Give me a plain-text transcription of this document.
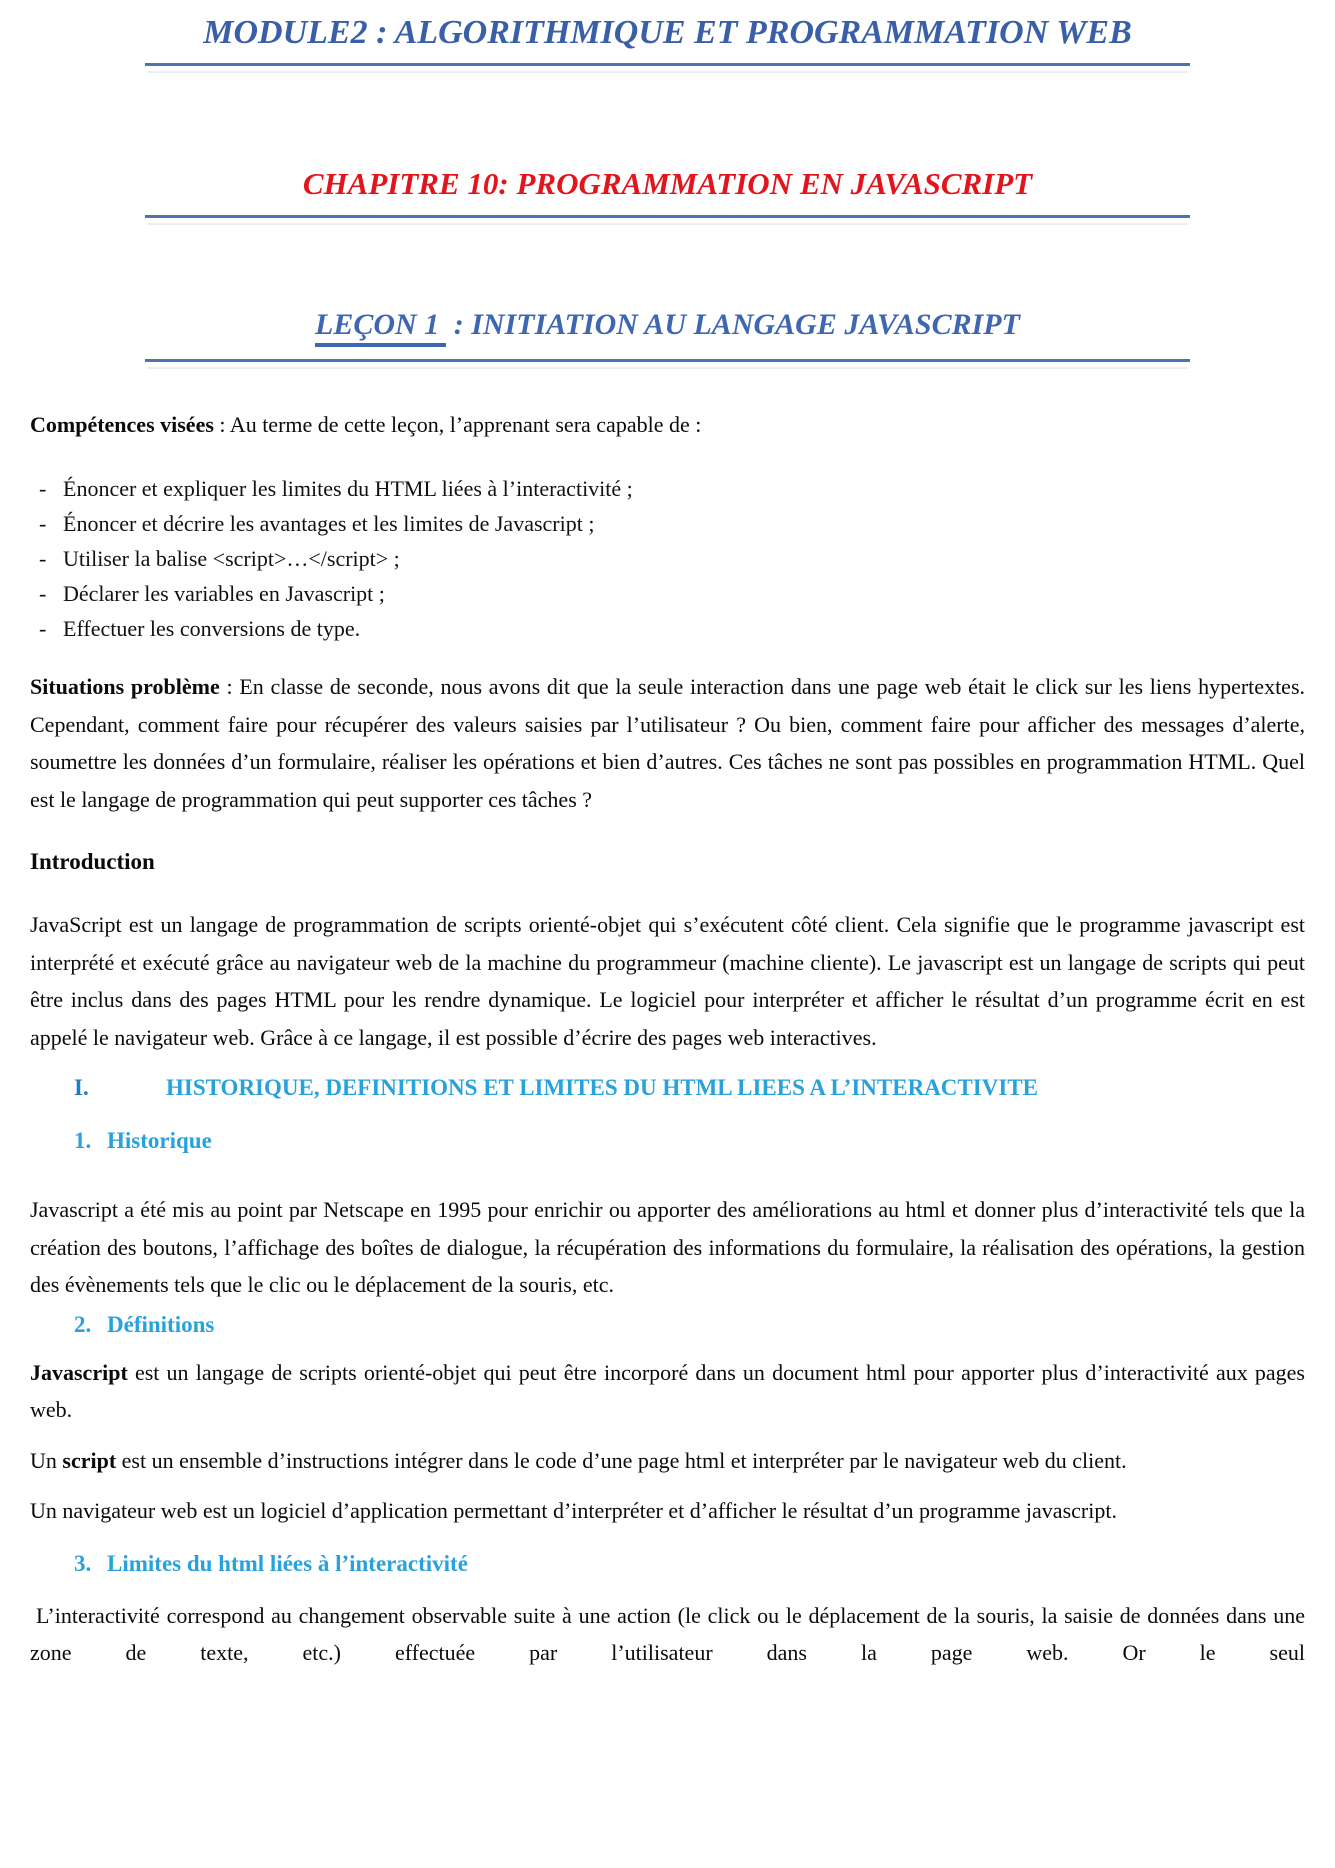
MODULE2 : ALGORITHMIQUE ET PROGRAMMATION WEB
CHAPITRE 10: PROGRAMMATION EN JAVASCRIPT
LEÇON 1 : INITIATION AU LANGAGE JAVASCRIPT

Compétences visées : Au terme de cette leçon, l’apprenant sera capable de :

- Énoncer et expliquer les limites du HTML liées à l’interactivité ;
- Énoncer et décrire les avantages et les limites de Javascript ;
- Utiliser la balise <script>…</script> ;
- Déclarer les variables en Javascript ;
- Effectuer les conversions de type.

Situations problème : En classe de seconde, nous avons dit que la seule interaction dans une page web était le click sur les liens hypertextes. Cependant, comment faire pour récupérer des valeurs saisies par l’utilisateur ? Ou bien, comment faire pour afficher des messages d’alerte, soumettre les données d’un formulaire, réaliser les opérations et bien d’autres. Ces tâches ne sont pas possibles en programmation HTML. Quel est le langage de programmation qui peut supporter ces tâches ?

Introduction

JavaScript est un langage de programmation de scripts orienté-objet qui s’exécutent côté client. Cela signifie que le programme javascript est interprété et exécuté grâce au navigateur web de la machine du programmeur (machine cliente). Le javascript est un langage de scripts qui peut être inclus dans des pages HTML pour les rendre dynamique. Le logiciel pour interpréter et afficher le résultat d’un programme écrit en est appelé le navigateur web. Grâce à ce langage, il est possible d’écrire des pages web interactives.

I.	HISTORIQUE, DEFINITIONS ET LIMITES DU HTML LIEES A L’INTERACTIVITE
1. Historique

Javascript a été mis au point par Netscape en 1995 pour enrichir ou apporter des améliorations au html et donner plus d’interactivité tels que la création des boutons, l’affichage des boîtes de dialogue, la récupération des informations du formulaire, la réalisation des opérations, la gestion des évènements tels que le clic ou le déplacement de la souris, etc.

2. Définitions

Javascript est un langage de scripts orienté-objet qui peut être incorporé dans un document html pour apporter plus d’interactivité aux pages web.

Un script est un ensemble d’instructions intégrer dans le code d’une page html et interpréter par le navigateur web du client.

Un navigateur web est un logiciel d’application permettant d’interpréter et d’afficher le résultat d’un programme javascript.

3. Limites du html liées à l’interactivité

L’interactivité correspond au changement observable suite à une action (le click ou le déplacement de la souris, la saisie de données dans une zone de texte, etc.) effectuée par l’utilisateur dans la page web. Or le seul
